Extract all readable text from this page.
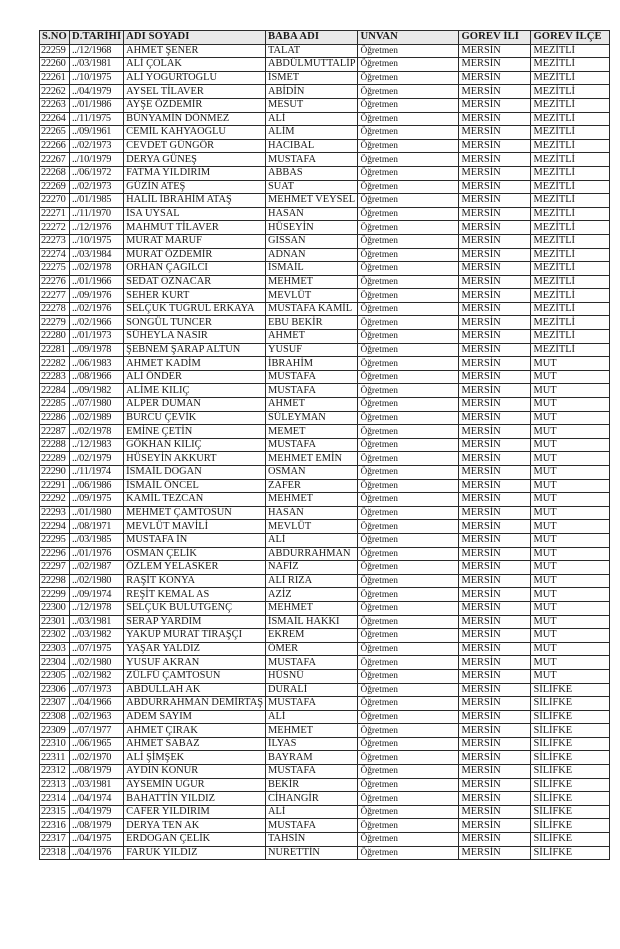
S.NO	D.TARİHİ	ADI SOYADI	BABA ADI	UNVAN	GOREV İLİ	GOREV İLÇE
22259	../12/1968	AHMET ŞENER	TALAT	Öğretmen	MERSİN	MEZİTLİ
22260	../03/1981	ALİ ÇOLAK	ABDÜLMUTTALİP	Öğretmen	MERSİN	MEZİTLİ
22261	../10/1975	ALİ YOĞURTOĞLU	İSMET	Öğretmen	MERSİN	MEZİTLİ
22262	../04/1979	AYSEL TİLAVER	ABİDİN	Öğretmen	MERSİN	MEZİTLİ
22263	../01/1986	AYŞE ÖZDEMİR	MESUT	Öğretmen	MERSİN	MEZİTLİ
22264	../11/1975	BÜNYAMİN DÖNMEZ	ALİ	Öğretmen	MERSİN	MEZİTLİ
22265	../09/1961	CEMİL KAHYAOĞLU	ALİM	Öğretmen	MERSİN	MEZİTLİ
22266	../02/1973	CEVDET GÜNGÖR	HACIBAL	Öğretmen	MERSİN	MEZİTLİ
22267	../10/1979	DERYA GÜNEŞ	MUSTAFA	Öğretmen	MERSİN	MEZİTLİ
22268	../06/1972	FATMA YILDIRIM	ABBAS	Öğretmen	MERSİN	MEZİTLİ
22269	../02/1973	GÜZİN ATEŞ	SUAT	Öğretmen	MERSİN	MEZİTLİ
22270	../01/1985	HALİL İBRAHİM ATAŞ	MEHMET VEYSEL	Öğretmen	MERSİN	MEZİTLİ
22271	../11/1970	İSA UYSAL	HASAN	Öğretmen	MERSİN	MEZİTLİ
22272	../12/1976	MAHMUT TİLAVER	HÜSEYİN	Öğretmen	MERSİN	MEZİTLİ
22273	../10/1975	MURAT MARUF	GISSAN	Öğretmen	MERSİN	MEZİTLİ
22274	../03/1984	MURAT ÖZDEMİR	ADNAN	Öğretmen	MERSİN	MEZİTLİ
22275	../02/1978	ORHAN ÇAĞILCI	İSMAİL	Öğretmen	MERSİN	MEZİTLİ
22276	../01/1966	SEDAT OZNACAR	MEHMET	Öğretmen	MERSİN	MEZİTLİ
22277	../09/1976	SEHER KURT	MEVLÜT	Öğretmen	MERSİN	MEZİTLİ
22278	../02/1976	SELÇUK TUĞRUL ERKAYA	MUSTAFA KAMİL	Öğretmen	MERSİN	MEZİTLİ
22279	../02/1966	SONGÜL TUNCER	EBU BEKİR	Öğretmen	MERSİN	MEZİTLİ
22280	../01/1973	SÜHEYLA NASIR	AHMET	Öğretmen	MERSİN	MEZİTLİ
22281	../09/1978	ŞEBNEM ŞARAP ALTUN	YUSUF	Öğretmen	MERSİN	MEZİTLİ
22282	../06/1983	AHMET KADİM	İBRAHİM	Öğretmen	MERSİN	MUT
22283	../08/1966	ALİ ÖNDER	MUSTAFA	Öğretmen	MERSİN	MUT
22284	../09/1982	ALİME KILIÇ	MUSTAFA	Öğretmen	MERSİN	MUT
22285	../07/1980	ALPER DUMAN	AHMET	Öğretmen	MERSİN	MUT
22286	../02/1989	BURCU ÇEVİK	SÜLEYMAN	Öğretmen	MERSİN	MUT
22287	../02/1978	EMİNE ÇETİN	MEMET	Öğretmen	MERSİN	MUT
22288	../12/1983	GÖKHAN KILIÇ	MUSTAFA	Öğretmen	MERSİN	MUT
22289	../02/1979	HÜSEYİN AKKURT	MEHMET EMİN	Öğretmen	MERSİN	MUT
22290	../11/1974	İSMAİL DOĞAN	OSMAN	Öğretmen	MERSİN	MUT
22291	../06/1986	İSMAİL ÖNCEL	ZAFER	Öğretmen	MERSİN	MUT
22292	../09/1975	KAMİL TEZCAN	MEHMET	Öğretmen	MERSİN	MUT
22293	../01/1980	MEHMET ÇAMTOSUN	HASAN	Öğretmen	MERSİN	MUT
22294	../08/1971	MEVLÜT MAVİLİ	MEVLÜT	Öğretmen	MERSİN	MUT
22295	../03/1985	MUSTAFA İN	ALİ	Öğretmen	MERSİN	MUT
22296	../01/1976	OSMAN ÇELİK	ABDURRAHMAN	Öğretmen	MERSİN	MUT
22297	../02/1987	ÖZLEM YELASKER	NAFİZ	Öğretmen	MERSİN	MUT
22298	../02/1980	RAŞİT KONYA	ALİ RIZA	Öğretmen	MERSİN	MUT
22299	../09/1974	REŞİT KEMAL AS	AZİZ	Öğretmen	MERSİN	MUT
22300	../12/1978	SELÇUK BULUTGENÇ	MEHMET	Öğretmen	MERSİN	MUT
22301	../03/1981	SERAP YARDIM	İSMAİL HAKKI	Öğretmen	MERSİN	MUT
22302	../03/1982	YAKUP MURAT TIRAŞÇI	EKREM	Öğretmen	MERSİN	MUT
22303	../07/1975	YAŞAR YALDIZ	ÖMER	Öğretmen	MERSİN	MUT
22304	../02/1980	YUSUF AKRAN	MUSTAFA	Öğretmen	MERSİN	MUT
22305	../02/1982	ZÜLFÜ ÇAMTOSUN	HÜSNÜ	Öğretmen	MERSİN	MUT
22306	../07/1973	ABDULLAH AK	DURALİ	Öğretmen	MERSİN	SİLİFKE
22307	../04/1966	ABDURRAHMAN DEMİRTAŞ	MUSTAFA	Öğretmen	MERSİN	SİLİFKE
22308	../02/1963	ADEM SAYIM	ALİ	Öğretmen	MERSİN	SİLİFKE
22309	../07/1977	AHMET ÇIRAK	MEHMET	Öğretmen	MERSİN	SİLİFKE
22310	../06/1965	AHMET SABAZ	İLYAS	Öğretmen	MERSİN	SİLİFKE
22311	../02/1970	ALİ ŞİMŞEK	BAYRAM	Öğretmen	MERSİN	SİLİFKE
22312	../08/1979	AYDIN KONUR	MUSTAFA	Öğretmen	MERSİN	SİLİFKE
22313	../03/1981	AYSEMİN UĞUR	BEKİR	Öğretmen	MERSİN	SİLİFKE
22314	../04/1974	BAHATTİN YILDIZ	CİHANGİR	Öğretmen	MERSİN	SİLİFKE
22315	../04/1979	CAFER YILDIRIM	ALİ	Öğretmen	MERSİN	SİLİFKE
22316	../08/1979	DERYA TEN AK	MUSTAFA	Öğretmen	MERSİN	SİLİFKE
22317	../04/1975	ERDOĞAN ÇELİK	TAHSİN	Öğretmen	MERSİN	SİLİFKE
22318	../04/1976	FARUK YILDIZ	NURETTİN	Öğretmen	MERSİN	SİLİFKE
